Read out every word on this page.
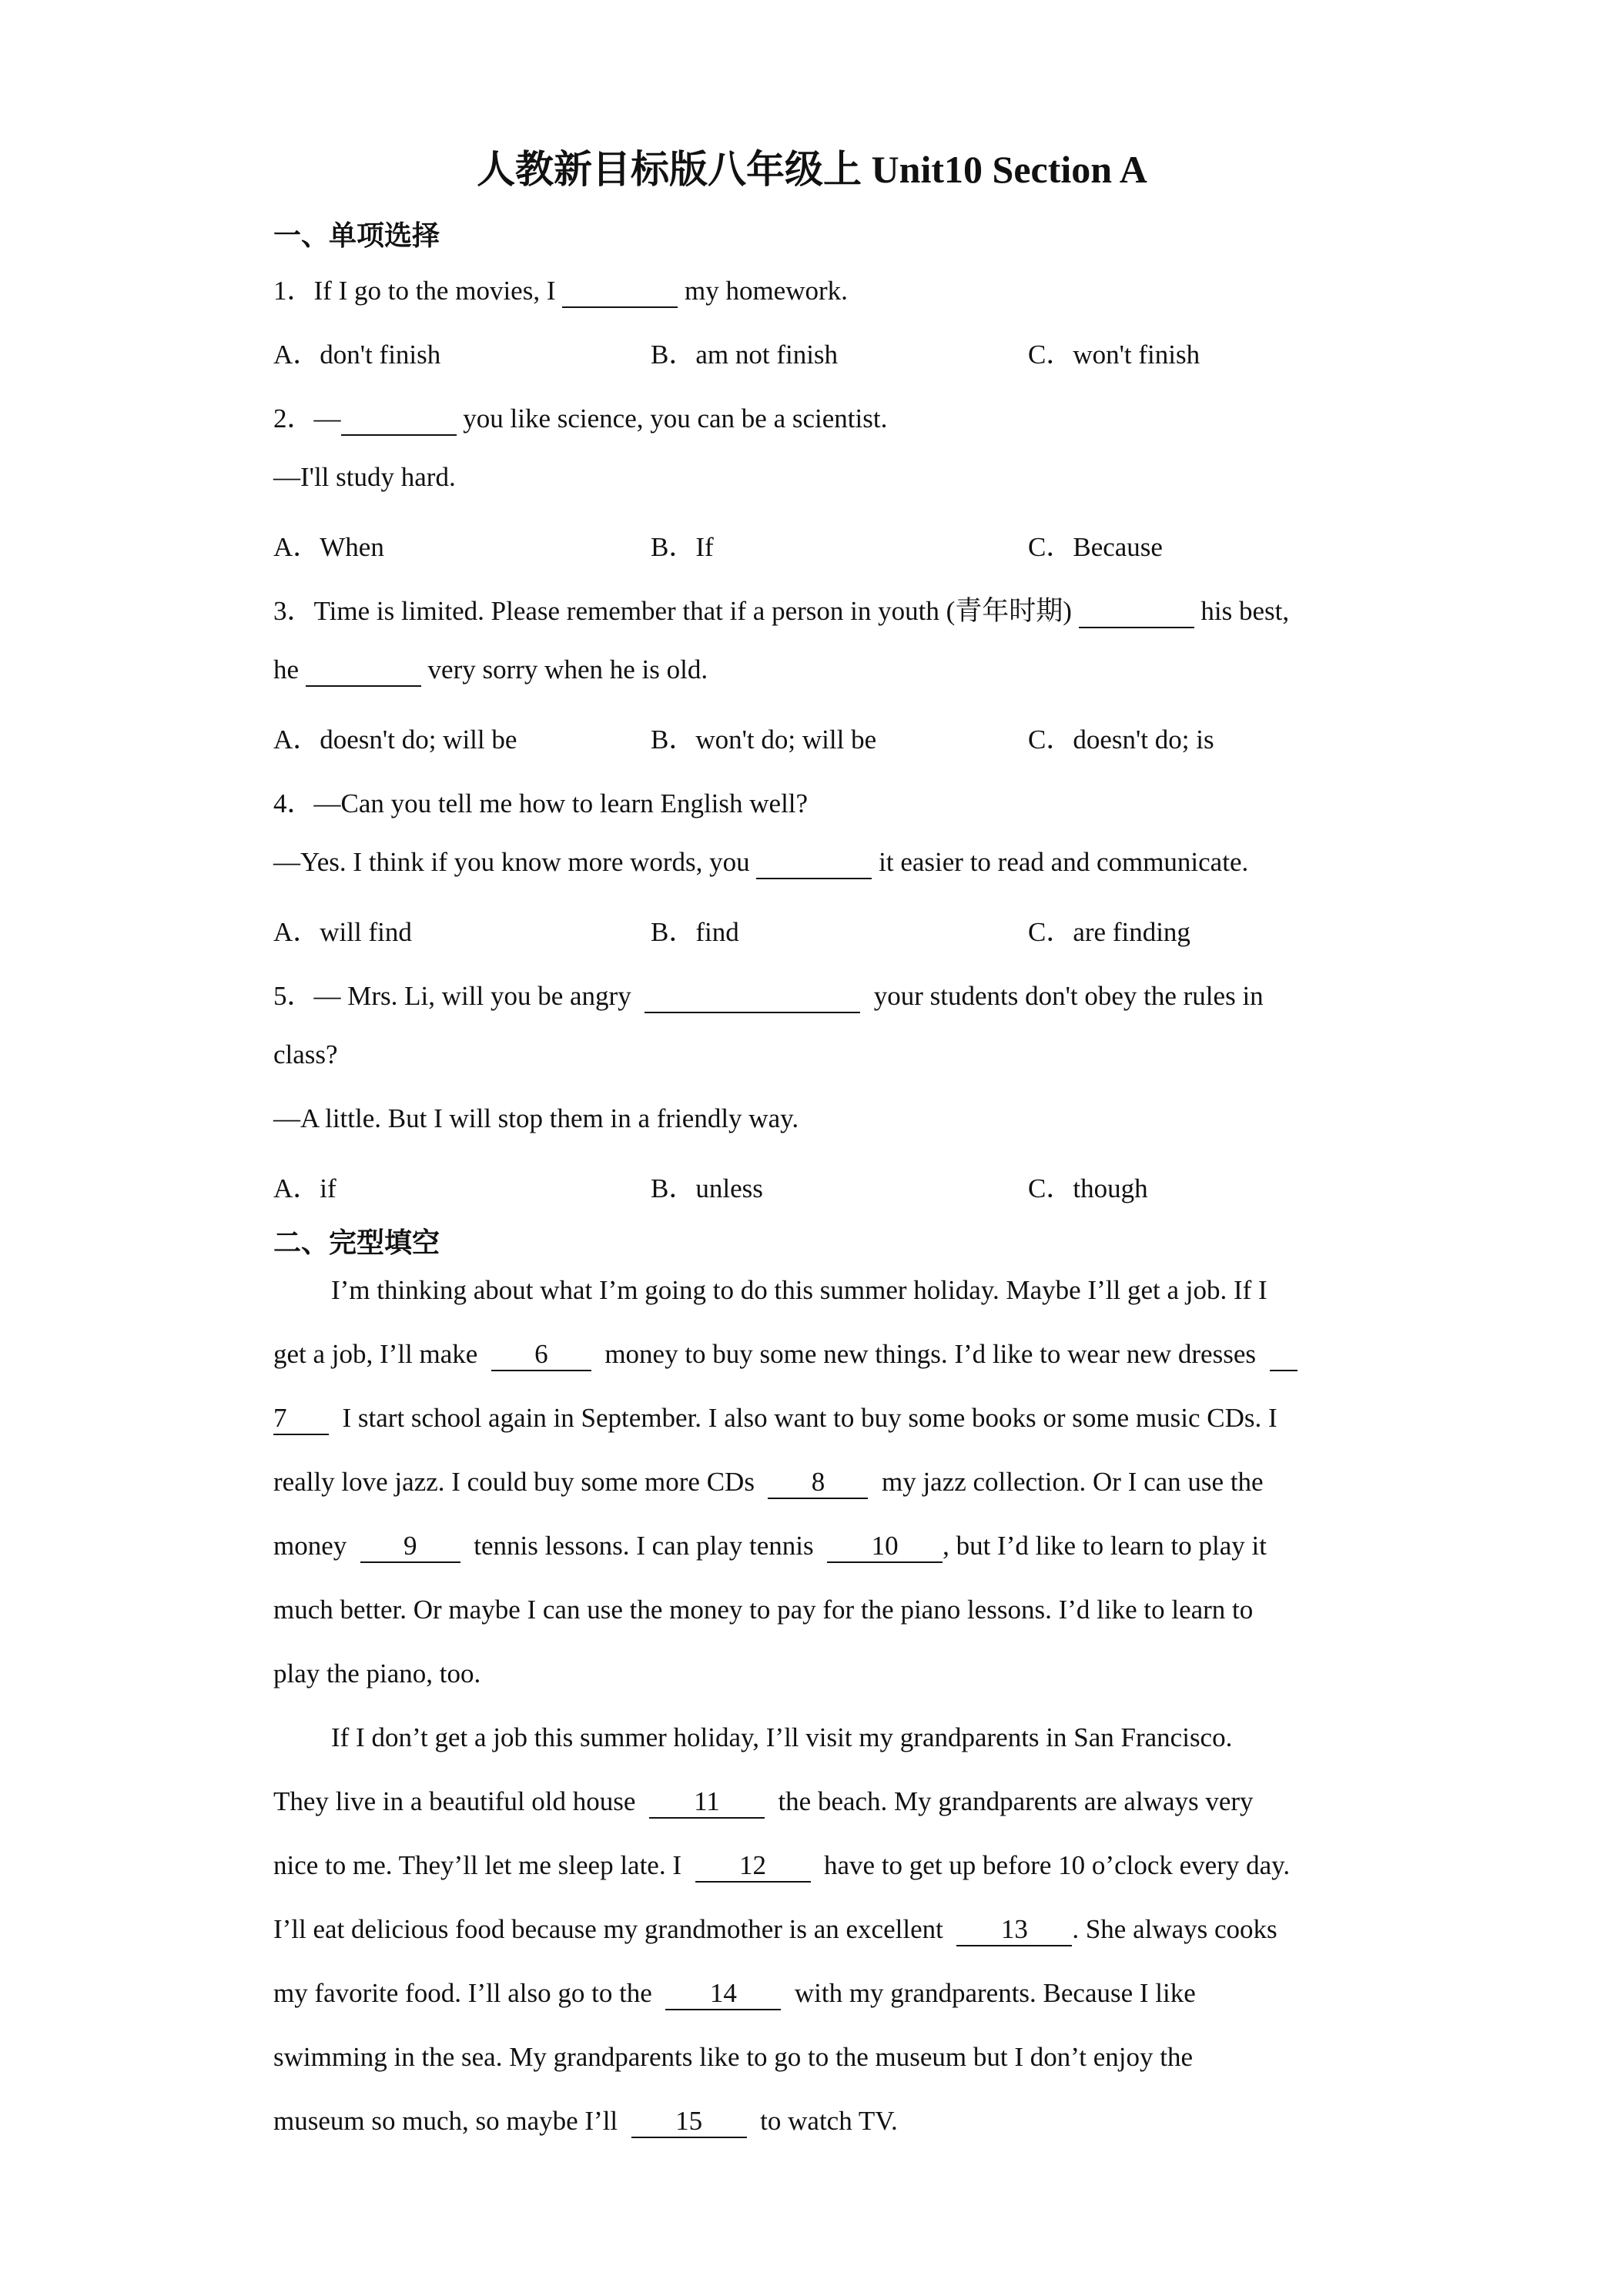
人教新目标版八年级上 Unit10 Section A
一、单项选择
1．If I go to the movies, I	my homework.
A．don't finish	B．am not finish	C．won't finish
2．—	you like science, you can be a scientist.
—I'll study hard.
A．When	B．If	C．Because
3．Time is limited. Please remember that if a person in youth (青年时期)	his best,
he	very sorry when he is old.
A．doesn't do; will be	B．won't do; will be	C．doesn't do; is
4．—Can you tell me how to learn English well?
—Yes. I think if you know more words, you	it easier to read and communicate.
A．will find	B．find	C．are finding
5．— Mrs. Li, will you be angry	your students don't obey the rules in
class?
—A little. But I will stop them in a friendly way.
A．if	B．unless	C．though
二、完型填空
I’m thinking about what I’m going to do this summer holiday. Maybe I’ll get a job. If I
get a job, I’ll make  6  money to buy some new things. I’d like to wear new dresses
7  I start school again in September. I also want to buy some books or some music CDs. I
really love jazz. I could buy some more CDs  8  my jazz collection. Or I can use the
money  9  tennis lessons. I can play tennis  10 , but I’d like to learn to play it
much better. Or maybe I can use the money to pay for the piano lessons. I’d like to learn to
play the piano, too.
If I don’t get a job this summer holiday, I’ll visit my grandparents in San Francisco.
They live in a beautiful old house  11  the beach. My grandparents are always very
nice to me. They’ll let me sleep late. I  12  have to get up before 10 o’clock every day.
I’ll eat delicious food because my grandmother is an excellent  13 . She always cooks
my favorite food. I’ll also go to the  14  with my grandparents. Because I like
swimming in the sea. My grandparents like to go to the museum but I don’t enjoy the
museum so much, so maybe I’ll  15  to watch TV.
